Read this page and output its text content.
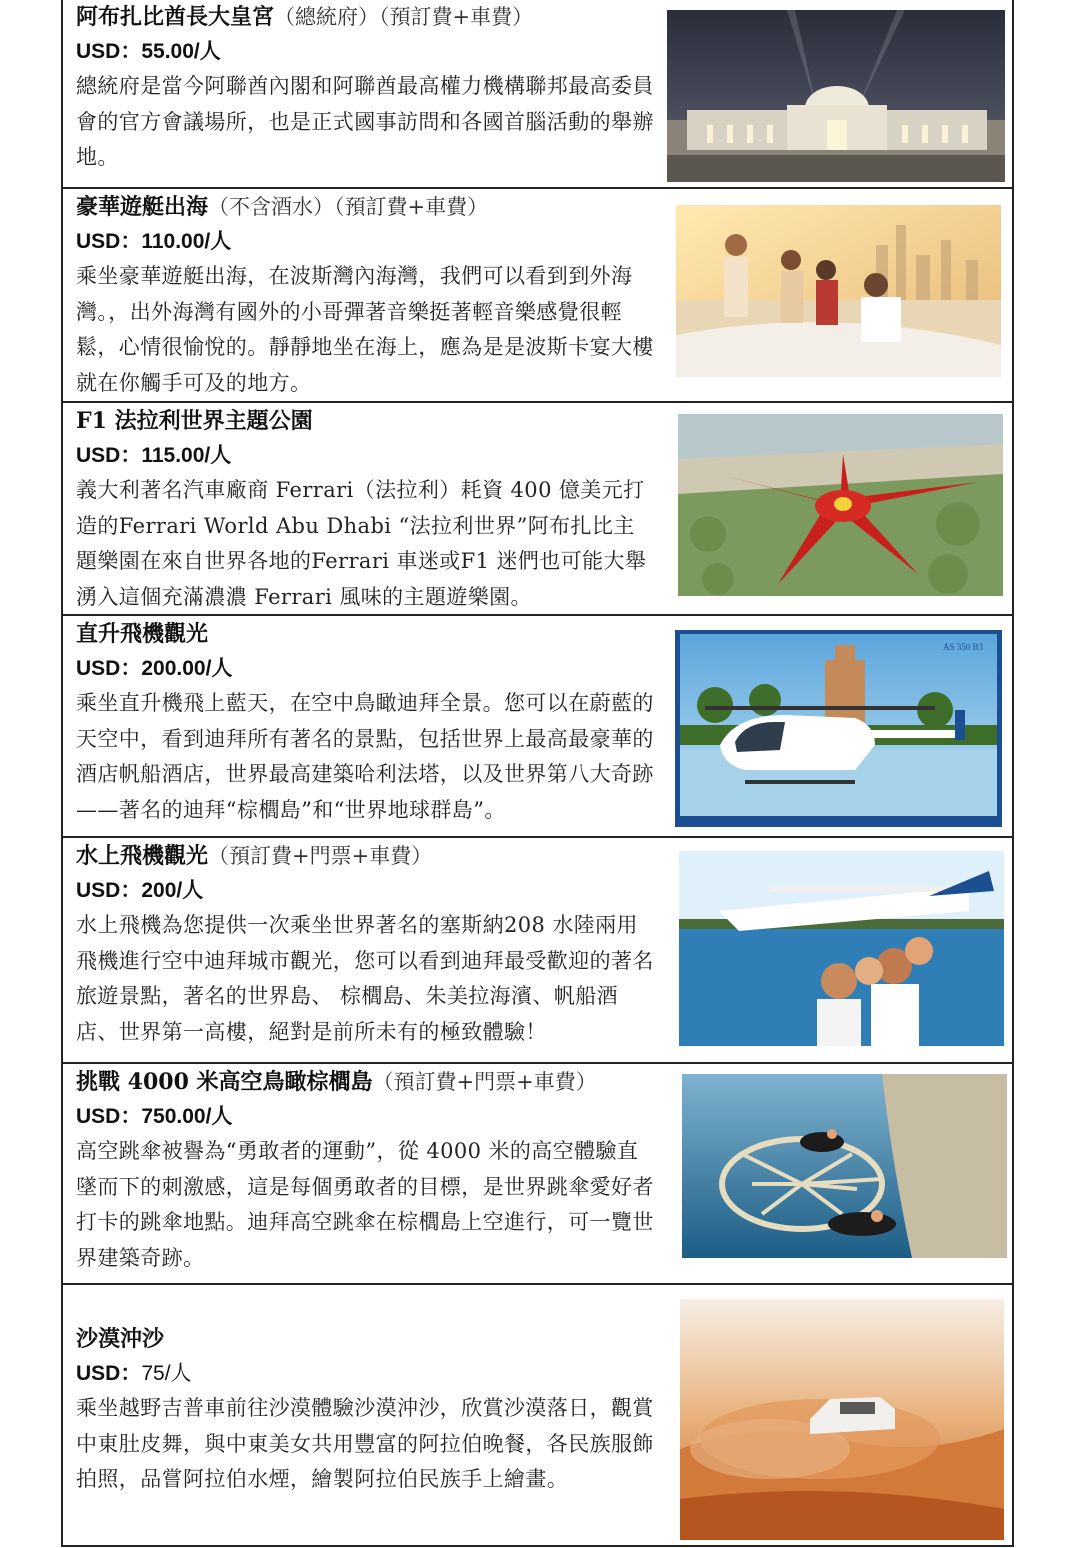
阿布扎比酋長大皇宮（總統府）（預訂費+車費）
USD：55.00/人
總統府是當今阿聯酋內閣和阿聯酋最高權力機構聯邦最高委員會的官方會議場所，也是正式國事訪問和各國首腦活動的舉辦地。
豪華遊艇出海（不含酒水）（預訂費+車費）
USD：110.00/人
乘坐豪華遊艇出海，在波斯灣內海灣，我們可以看到到外海灣。，出外海灣有國外的小哥彈著音樂挺著輕音樂感覺很輕鬆，心情很愉悅的。靜靜地坐在海上，應為是是波斯卡宴大樓就在你觸手可及的地方。
F1 法拉利世界主題公園
USD：115.00/人
義大利著名汽車廠商 Ferrari（法拉利）耗資 400 億美元打造的Ferrari World Abu Dhabi “法拉利世界”阿布扎比主題樂園在來自世界各地的Ferrari 車迷或F1 迷們也可能大舉湧入這個充滿濃濃 Ferrari 風味的主題遊樂園。
直升飛機觀光
USD：200.00/人
乘坐直升機飛上藍天，在空中鳥瞰迪拜全景。您可以在蔚藍的天空中，看到迪拜所有著名的景點，包括世界上最高最豪華的酒店帆船酒店，世界最高建築哈利法塔，以及世界第八大奇跡——著名的迪拜“棕櫚島”和“世界地球群島”。
AS 350 B3
水上飛機觀光（預訂費+門票+車費）
USD：200/人
水上飛機為您提供一次乘坐世界著名的塞斯納208 水陸兩用飛機進行空中迪拜城市觀光，您可以看到迪拜最受歡迎的著名旅遊景點，著名的世界島、 棕櫚島、朱美拉海濱、帆船酒店、世界第一高樓，絕對是前所未有的極致體驗！
挑戰 4000 米高空鳥瞰棕櫚島（預訂費+門票+車費）
USD：750.00/人
高空跳傘被譽為“勇敢者的運動”，從 4000 米的高空體驗直墜而下的刺激感，這是每個勇敢者的目標，是世界跳傘愛好者打卡的跳傘地點。迪拜高空跳傘在棕櫚島上空進行，可一覽世界建築奇跡。
沙漠沖沙
USD：75/人
乘坐越野吉普車前往沙漠體驗沙漠沖沙，欣賞沙漠落日，觀賞中東肚皮舞，與中東美女共用豐富的阿拉伯晚餐，各民族服飾拍照，品嘗阿拉伯水煙，繪製阿拉伯民族手上繪畫。
